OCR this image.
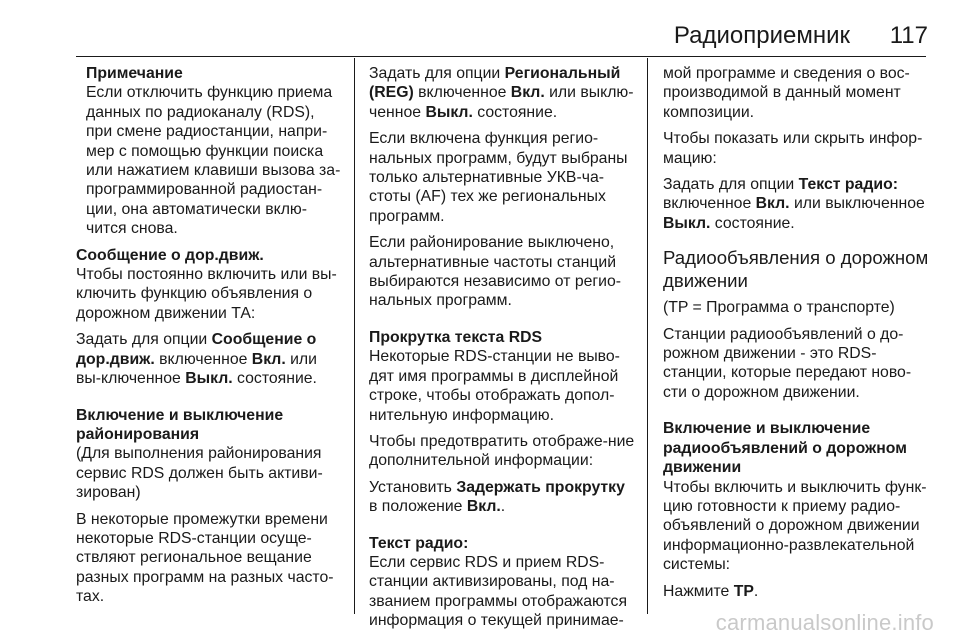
Радиоприемник 117
Примечание

Если отключить функцию приема данных по радиоканалу (RDS), при смене радиостанции, напри-мер с помощью функции поиска или нажатием клавиши вызова за-программированной радиостан-ции, она автоматически вклю-чится снова.

Сообщение о дор.движ.

Чтобы постоянно включить или вы-ключить функцию объявления о дорожном движении ТА:

Задать для опции Сообщение о дор.движ. включенное Вкл. или вы-ключенное Выкл. состояние.

Включение и выключение районирования

(Для выполнения районирования сервис RDS должен быть активи-зирован)

В некоторые промежутки времени некоторые RDS-станции осуще-ствляют региональное вещание разных программ на разных часто-тах.

Задать для опции Региональный (REG) включенное Вкл. или выклю-ченное Выкл. состояние.

Если включена функция регио-нальных программ, будут выбраны только альтернативные УКВ-ча-стоты (AF) тех же региональных программ.

Если районирование выключено, альтернативные частоты станций выбираются независимо от регио-нальных программ.

Прокрутка текста RDS

Некоторые RDS-станции не выво-дят имя программы в дисплейной строке, чтобы отображать допол-нительную информацию.

Чтобы предотвратить отображе-ние дополнительной информации:

Установить Задержать прокрутку в положение Вкл..

Текст радио:

Если сервис RDS и прием RDS-станции активизированы, под на-званием программы отображаются информация о текущей принимае-

мой программе и сведения о вос-производимой в данный момент композиции.

Чтобы показать или скрыть инфор-мацию:

Задать для опции Текст радио: включенное Вкл. или выключенное Выкл. состояние.

Радиообъявления о дорожном движении

(TP = Программа о транспорте)

Станции радиообъявлений о до-рожном движении - это RDS-станции, которые передают ново-сти о дорожном движении.

Включение и выключение радиообъявлений о дорожном движении

Чтобы включить и выключить функ-цию готовности к приему радио-объявлений о дорожном движении информационно-развлекательной системы:

Нажмите TP.

carmanualsonline.info
